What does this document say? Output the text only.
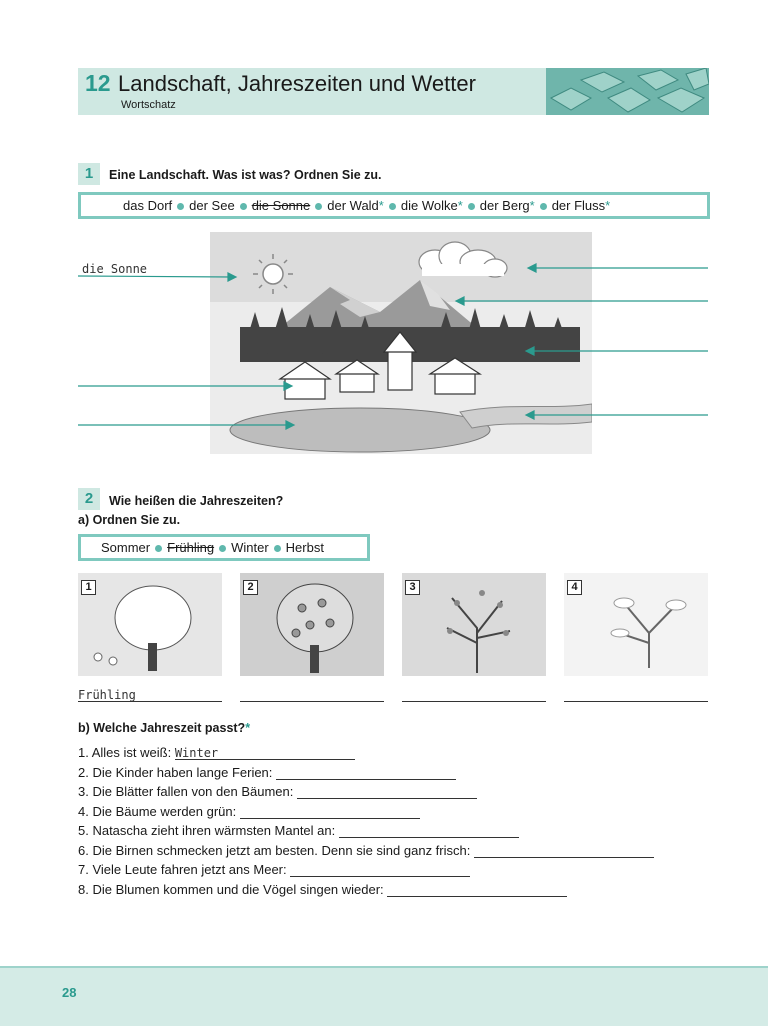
12 Landschaft, Jahreszeiten und Wetter
Wortschatz
1	Eine Landschaft. Was ist was? Ordnen Sie zu.
das Dorf der See die Sonne der Wald* die Wolke* der Berg* der Fluss*
die Sonne
2	Wie heißen die Jahreszeiten?
a) Ordnen Sie zu.
Sommer Frühling Winter Herbst
1
Frühling
2	3	4
b) Welche Jahreszeit passt?*
1. Alles ist weiß: Winter
2. Die Kinder haben lange Ferien:
3. Die Blätter fallen von den Bäumen:
4. Die Bäume werden grün:
5. Natascha zieht ihren wärmsten Mantel an:
6. Die Birnen schmecken jetzt am besten. Denn sie sind ganz frisch:
7. Viele Leute fahren jetzt ans Meer:
8. Die Blumen kommen und die Vögel singen wieder:
28
